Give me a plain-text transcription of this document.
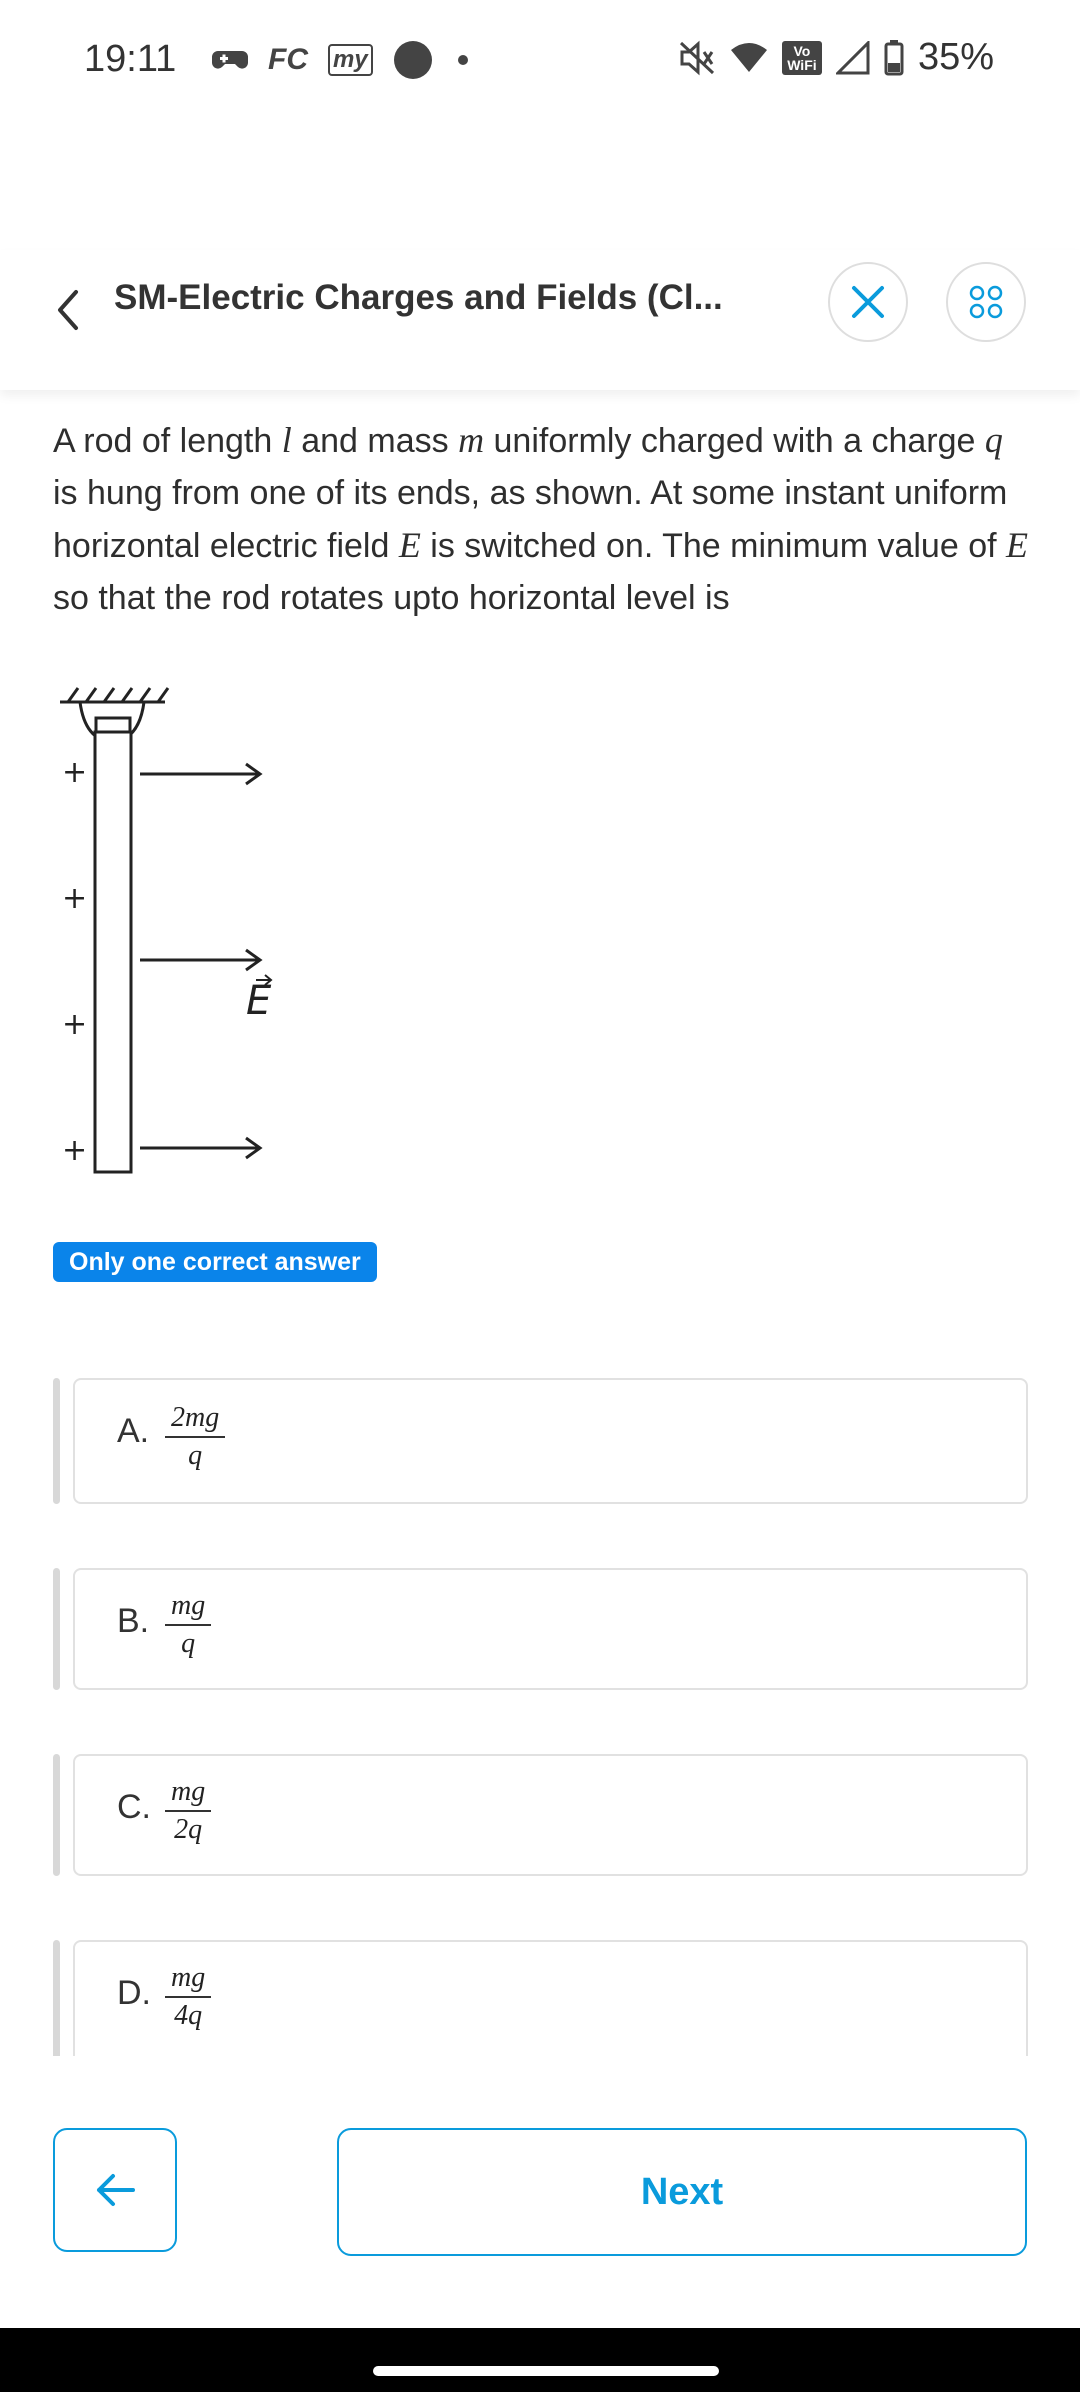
19:11	FC my	Vo WiFi	35%
SM-Electric Charges and Fields (Cl...
A rod of length l and mass m uniformly charged with a charge q is hung from one of its ends, as shown. At some instant uniform horizontal electric field E is switched on. The minimum value of E so that the rod rotates upto horizontal level is
+
+
+
+
E
Only one correct answer
A. $\frac{2mg}{q}$
B. $\frac{mg}{q}$
C. $\frac{mg}{2q}$
D. $\frac{mg}{4q}$
Next
